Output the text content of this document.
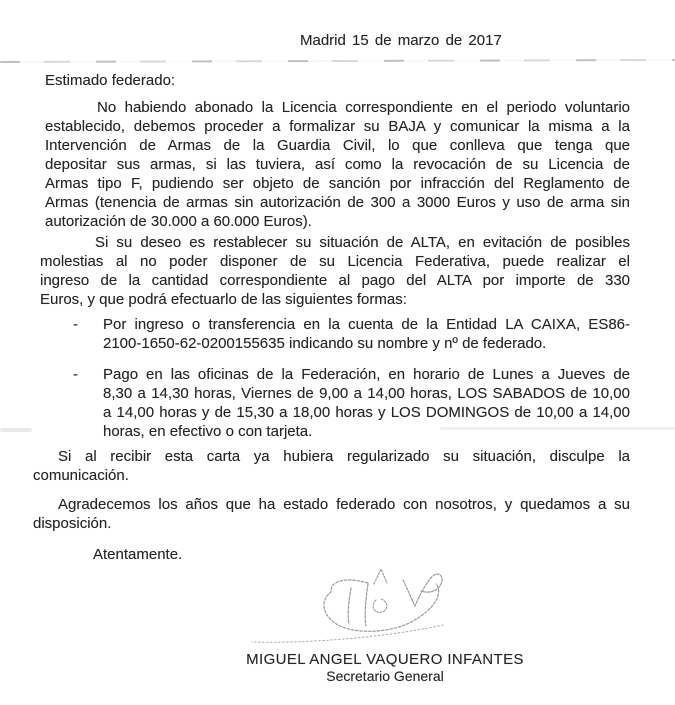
Madrid 15 de marzo de 2017
Estimado federado:
No habiendo abonado la Licencia correspondiente en el periodo voluntario
establecido, debemos proceder a formalizar su BAJA y comunicar la misma a la
Intervención de Armas de la Guardia Civil, lo que conlleva que tenga que
depositar sus armas, si las tuviera, así como la revocación de su Licencia de
Armas tipo F, pudiendo ser objeto de sanción por infracción del Reglamento de
Armas (tenencia de armas sin autorización de 300 a 3000 Euros y uso de arma sin
autorización de 30.000 a 60.000 Euros).
Si su deseo es restablecer su situación de ALTA, en evitación de posibles
molestias al no poder disponer de su Licencia Federativa, puede realizar el
ingreso de la cantidad correspondiente al pago del ALTA por importe de 330
Euros, y que podrá efectuarlo de las siguientes formas:
-	Por ingreso o transferencia en la cuenta de la Entidad LA CAIXA, ES86-
2100-1650-62-0200155635 indicando su nombre y nº de federado.
-	Pago en las oficinas de la Federación, en horario de Lunes a Jueves de
8,30 a 14,30 horas, Viernes de 9,00 a 14,00 horas, LOS SABADOS de 10,00
a 14,00 horas y de 15,30 a 18,00 horas y LOS DOMINGOS de 10,00 a 14,00
horas, en efectivo o con tarjeta.
Si al recibir esta carta ya hubiera regularizado su situación, disculpe la
comunicación.
Agradecemos los años que ha estado federado con nosotros, y quedamos a su
disposición.
Atentamente.
MIGUEL ANGEL VAQUERO INFANTES
Secretario General
